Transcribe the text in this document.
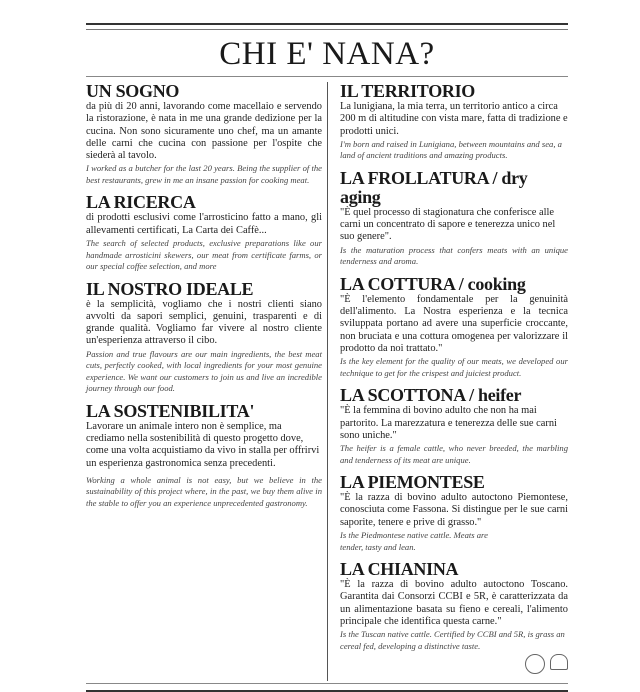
CHI E' NANA?
UN SOGNO

da più di 20 anni, lavorando come macellaio e servendo la ristorazione, è nata in me una grande dedizione per la cucina. Non sono sicuramente uno chef, ma un amante delle carni che cucina con passione per l'ospite che siederà al tavolo.

I worked as a butcher for the last 20 years. Being the supplier of the best restaurants, grew in me an insane passion for cooking meat.

LA RICERCA

di prodotti esclusivi come l'arrosticino fatto a mano, gli allevamenti certificati, La Carta dei Caffè...

The search of selected products, exclusive preparations like our handmade arrosticini skewers, our meat from certificate farms, or our special coffee selection, and more

IL NOSTRO IDEALE

è la semplicità, vogliamo che i nostri clienti siano avvolti da sapori semplici, genuini, trasparenti e di grande qualità. Vogliamo far vivere al nostro cliente un'esperienza attraverso il cibo.

Passion and true flavours are our main ingredients, the best meat cuts, perfectly cooked, with local ingredients for your most genuine experience. We want our customers to join us and live an incredible journey through our food.

LA SOSTENIBILITA'

Lavorare un animale intero non è semplice, ma crediamo nella sostenibilità di questo progetto dove, come una volta acquistiamo da vivo in stalla per offrirvi un esperienza gastronomica senza precedenti.

Working a whole animal is not easy, but we believe in the sustainability of this project where, in the past, we buy them alive in the stable to offer you an experience unprecedented gastronomy.

IL TERRITORIO

La lunigiana, la mia terra, un territorio antico a circa 200 m di altitudine con vista mare, fatta di tradizione e prodotti unici.

I'm born and raised in Lunigiana, between mountains and sea, a land of ancient traditions and amazing products.

LA FROLLATURA / dry aging

"È quel processo di stagionatura che conferisce alle carni un concentrato di sapore e tenerezza unico nel suo genere".

Is the maturation process that confers meats with an unique tenderness and aroma.

LA COTTURA / cooking

"È l'elemento fondamentale per la genuinità dell'alimento. La Nostra esperienza e la tecnica sviluppata portano ad avere una superficie croccante, non bruciata e una cottura omogenea per valorizzare il prodotto da noi trattato."

Is the key element for the quality of our meats, we developed our technique to get for the crispest and juiciest product.

LA SCOTTONA / heifer

"È la femmina di bovino adulto che non ha mai partorito. La marezzatura e tenerezza delle sue carni sono uniche."

The heifer is a female cattle, who never breeded, the marbling and tenderness of its meat are unique.

LA PIEMONTESE

"È la razza di bovino adulto autoctono Piemontese, conosciuta come Fassona. Si distingue per le sue carni saporite, tenere e prive di grasso."

Is the Piedmontese native cattle. Meats are tender, tasty and lean.

LA CHIANINA

"È la razza di bovino adulto autoctono Toscano. Garantita dai Consorzi CCBI e 5R, è caratterizzata da un alimentazione basata su fieno e cereali, l'alimento principale che identifica questa carne."

Is the Tuscan native cattle. Certified by CCBI and 5R, is grass an cereal fed, developing a distinctive taste.
